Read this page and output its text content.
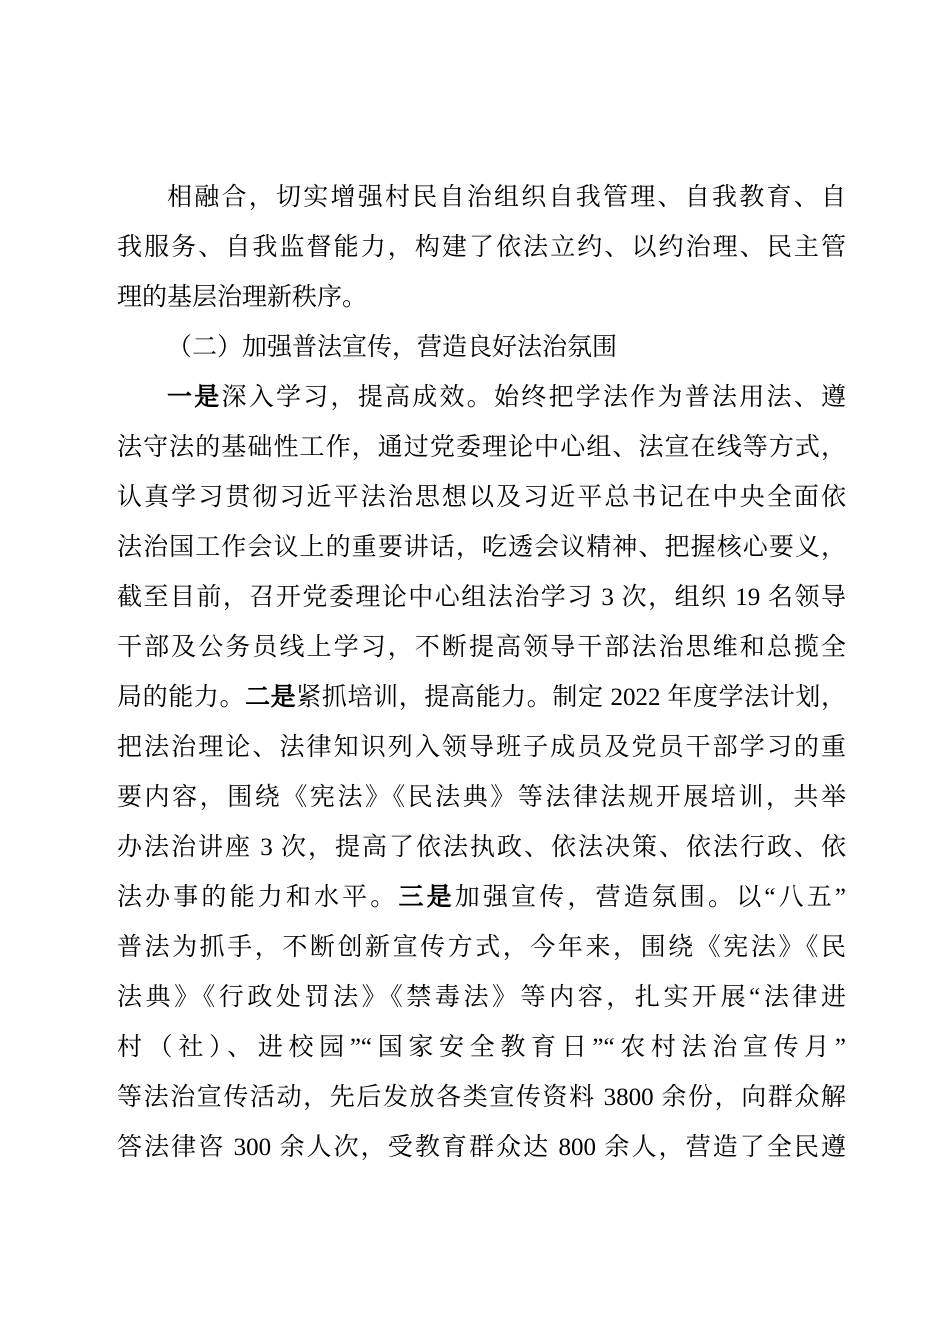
相融合，切实增强村民自治组织自我管理、自我教育、自
我服务、自我监督能力，构建了依法立约、以约治理、民主管
理的基层治理新秩序。
（二）加强普法宣传，营造良好法治氛围
一是深入学习，提高成效。始终把学法作为普法用法、遵
法守法的基础性工作，通过党委理论中心组、法宣在线等方式，
认真学习贯彻习近平法治思想以及习近平总书记在中央全面依
法治国工作会议上的重要讲话，吃透会议精神、把握核心要义，
截至目前，召开党委理论中心组法治学习 3 次，组织 19 名领导
干部及公务员线上学习，不断提高领导干部法治思维和总揽全
局的能力。二是紧抓培训，提高能力。制定 2022 年度学法计划，
把法治理论、法律知识列入领导班子成员及党员干部学习的重
要内容，围绕《宪法》《民法典》等法律法规开展培训，共举
办法治讲座 3 次，提高了依法执政、依法决策、依法行政、依
法办事的能力和水平。三是加强宣传，营造氛围。以“八五”
普法为抓手，不断创新宣传方式，今年来，围绕《宪法》《民
法典》《行政处罚法》《禁毒法》等内容，扎实开展“法律进
村（社）、进校园”“国家安全教育日”“农村法治宣传月”
等法治宣传活动，先后发放各类宣传资料 3800 余份，向群众解
答法律咨 300 余人次，受教育群众达 800 余人，营造了全民遵
